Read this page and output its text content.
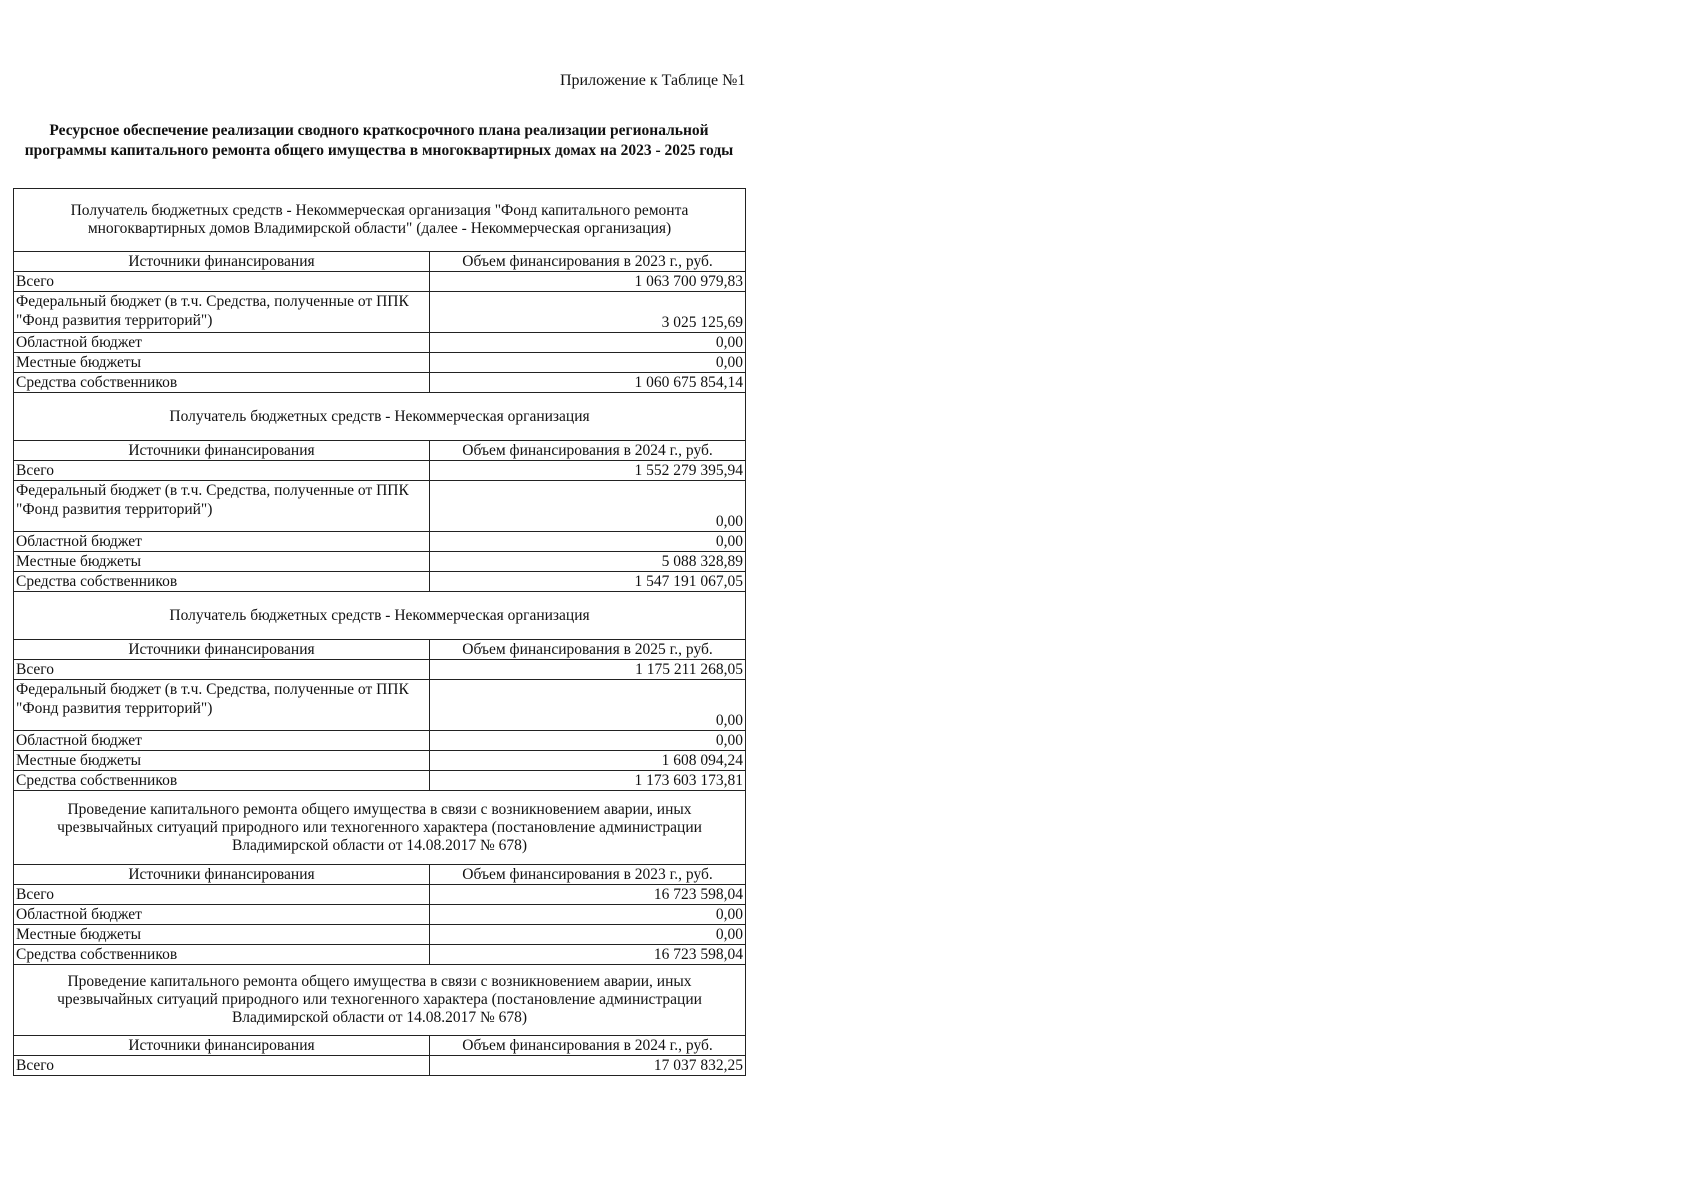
Приложение к Таблице №1
Ресурсное обеспечение реализации сводного краткосрочного плана реализации региональной
программы капитального ремонта общего имущества в многоквартирных домах на 2023 - 2025 годы
Получатель бюджетных средств - Некоммерческая организация "Фонд капитального ремонта
многоквартирных домов Владимирской области" (далее - Некоммерческая организация)	

Источники финансирования	Объем финансирования в 2023 г., руб.

Всего	1 063 700 979,83

Федеральный бюджет (в т.ч. Средства, полученные от ППК
"Фонд развития территорий")	3 025 125,69

Областной бюджет	0,00

Местные бюджеты	0,00

Средства собственников	1 060 675 854,14

Получатель бюджетных средств - Некоммерческая организация	

Источники финансирования	Объем финансирования в 2024 г., руб.

Всего	1 552 279 395,94

Федеральный бюджет (в т.ч. Средства, полученные от ППК
"Фонд развития территорий")	0,00

Областной бюджет	0,00

Местные бюджеты	5 088 328,89

Средства собственников	1 547 191 067,05

Получатель бюджетных средств - Некоммерческая организация	

Источники финансирования	Объем финансирования в 2025 г., руб.

Всего	1 175 211 268,05

Федеральный бюджет (в т.ч. Средства, полученные от ППК
"Фонд развития территорий")	0,00

Областной бюджет	0,00

Местные бюджеты	1 608 094,24

Средства собственников	1 173 603 173,81

Проведение капитального ремонта общего имущества в связи с возникновением аварии, иных
чрезвычайных ситуаций природного или техногенного характера (постановление администрации
Владимирской области от 14.08.2017 № 678)	

Источники финансирования	Объем финансирования в 2023 г., руб.

Всего	16 723 598,04

Областной бюджет	0,00

Местные бюджеты	0,00

Средства собственников	16 723 598,04

Проведение капитального ремонта общего имущества в связи с возникновением аварии, иных
чрезвычайных ситуаций природного или техногенного характера (постановление администрации
Владимирской области от 14.08.2017 № 678)	

Источники финансирования	Объем финансирования в 2024 г., руб.

Всего	17 037 832,25
